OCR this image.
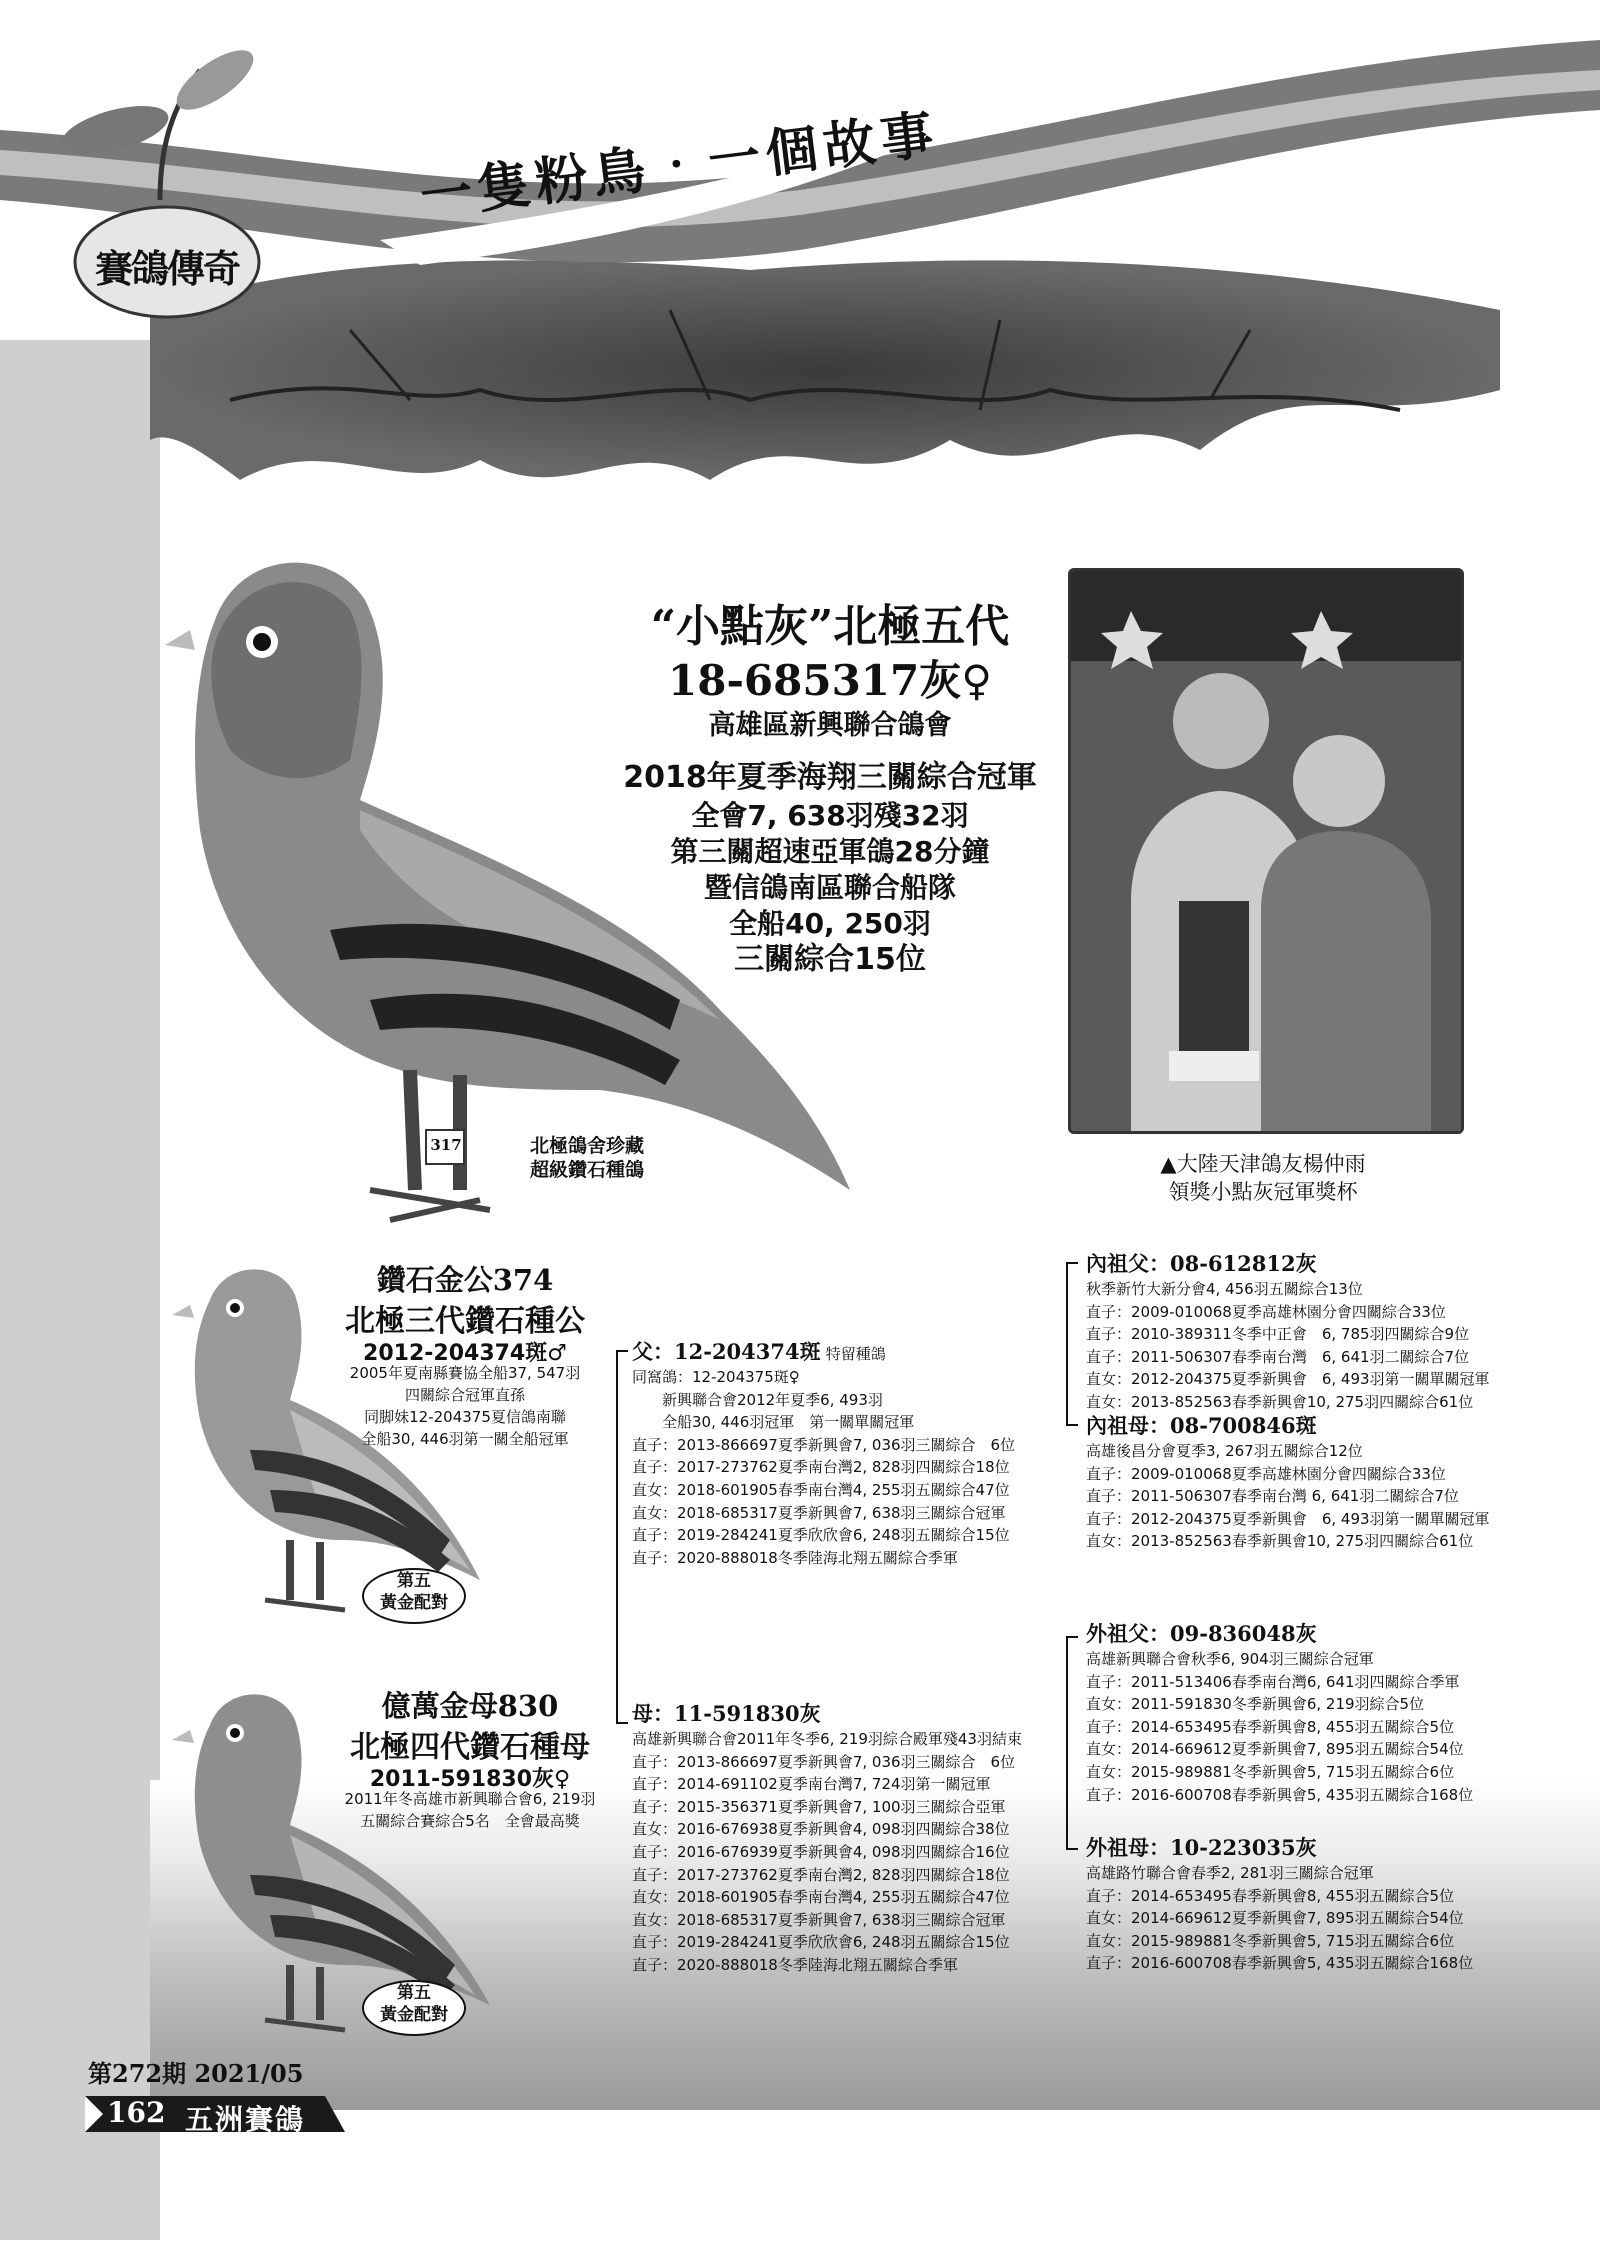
賽鴿傳奇
一隻粉鳥‧一個故事
317
“小點灰”北極五代
18-685317灰♀
高雄區新興聯合鴿會
2018年夏季海翔三關綜合冠軍
全會7, 638羽殘32羽
第三關超速亞軍鴿28分鐘
暨信鴿南區聯合船隊
全船40, 250羽
三關綜合15位
北極鴿舍珍藏
超級鑽石種鴿	▲大陸天津鴿友楊仲雨
領獎小點灰冠軍獎杯
第五
黃金配對
鑽石金公374
北極三代鑽石種公
2012-204374斑♂
2005年夏南縣賽協全船37, 547羽
四關綜合冠軍直孫
同脚妹12-204375夏信鴿南聯
全船30, 446羽第一關全船冠軍
第五
黃金配對
億萬金母830
北極四代鑽石種母
2011-591830灰♀
2011年冬高雄市新興聯合會6, 219羽
五關綜合賽綜合5名　全會最高獎
父：12-204374斑 特留種鴿
同窩鴿：12-204375斑♀
　　新興聯合會2012年夏季6, 493羽
　　全船30, 446羽冠軍　第一關單關冠軍
直子：2013-866697夏季新興會7, 036羽三關綜合　6位
直子：2017-273762夏季南台灣2, 828羽四關綜合18位
直女：2018-601905春季南台灣4, 255羽五關綜合47位
直女：2018-685317夏季新興會7, 638羽三關綜合冠軍
直子：2019-284241夏季欣欣會6, 248羽五關綜合15位
直子：2020-888018冬季陸海北翔五關綜合季軍
母：11-591830灰
高雄新興聯合會2011年冬季6, 219羽綜合殿軍殘43羽結束
直子：2013-866697夏季新興會7, 036羽三關綜合　6位
直子：2014-691102夏季南台灣7, 724羽第一關冠軍
直子：2015-356371夏季新興會7, 100羽三關綜合亞軍
直女：2016-676938夏季新興會4, 098羽四關綜合38位
直子：2016-676939夏季新興會4, 098羽四關綜合16位
直子：2017-273762夏季南台灣2, 828羽四關綜合18位
直女：2018-601905春季南台灣4, 255羽五關綜合47位
直女：2018-685317夏季新興會7, 638羽三關綜合冠軍
直子：2019-284241夏季欣欣會6, 248羽五關綜合15位
直子：2020-888018冬季陸海北翔五關綜合季軍
內祖父：08-612812灰
秋季新竹大新分會4, 456羽五關綜合13位
直子：2009-010068夏季高雄林園分會四關綜合33位
直子：2010-389311冬季中正會　6, 785羽四關綜合9位
直子：2011-506307春季南台灣　6, 641羽二關綜合7位
直女：2012-204375夏季新興會　6, 493羽第一關單關冠軍
直女：2013-852563春季新興會10, 275羽四關綜合61位
內祖母：08-700846斑
高雄後昌分會夏季3, 267羽五關綜合12位
直子：2009-010068夏季高雄林園分會四關綜合33位
直子：2011-506307春季南台灣 6, 641羽二關綜合7位
直子：2012-204375夏季新興會　6, 493羽第一關單關冠軍
直女：2013-852563春季新興會10, 275羽四關綜合61位
外祖父：09-836048灰
高雄新興聯合會秋季6, 904羽三關綜合冠軍
直子：2011-513406春季南台灣6, 641羽四關綜合季軍
直女：2011-591830冬季新興會6, 219羽綜合5位
直子：2014-653495春季新興會8, 455羽五關綜合5位
直女：2014-669612夏季新興會7, 895羽五關綜合54位
直女：2015-989881冬季新興會5, 715羽五關綜合6位
直子：2016-600708春季新興會5, 435羽五關綜合168位
外祖母：10-223035灰
高雄路竹聯合會春季2, 281羽三關綜合冠軍
直子：2014-653495春季新興會8, 455羽五關綜合5位
直女：2014-669612夏季新興會7, 895羽五關綜合54位
直女：2015-989881冬季新興會5, 715羽五關綜合6位
直子：2016-600708春季新興會5, 435羽五關綜合168位
第272期 2021/05
162 五洲賽鴿
